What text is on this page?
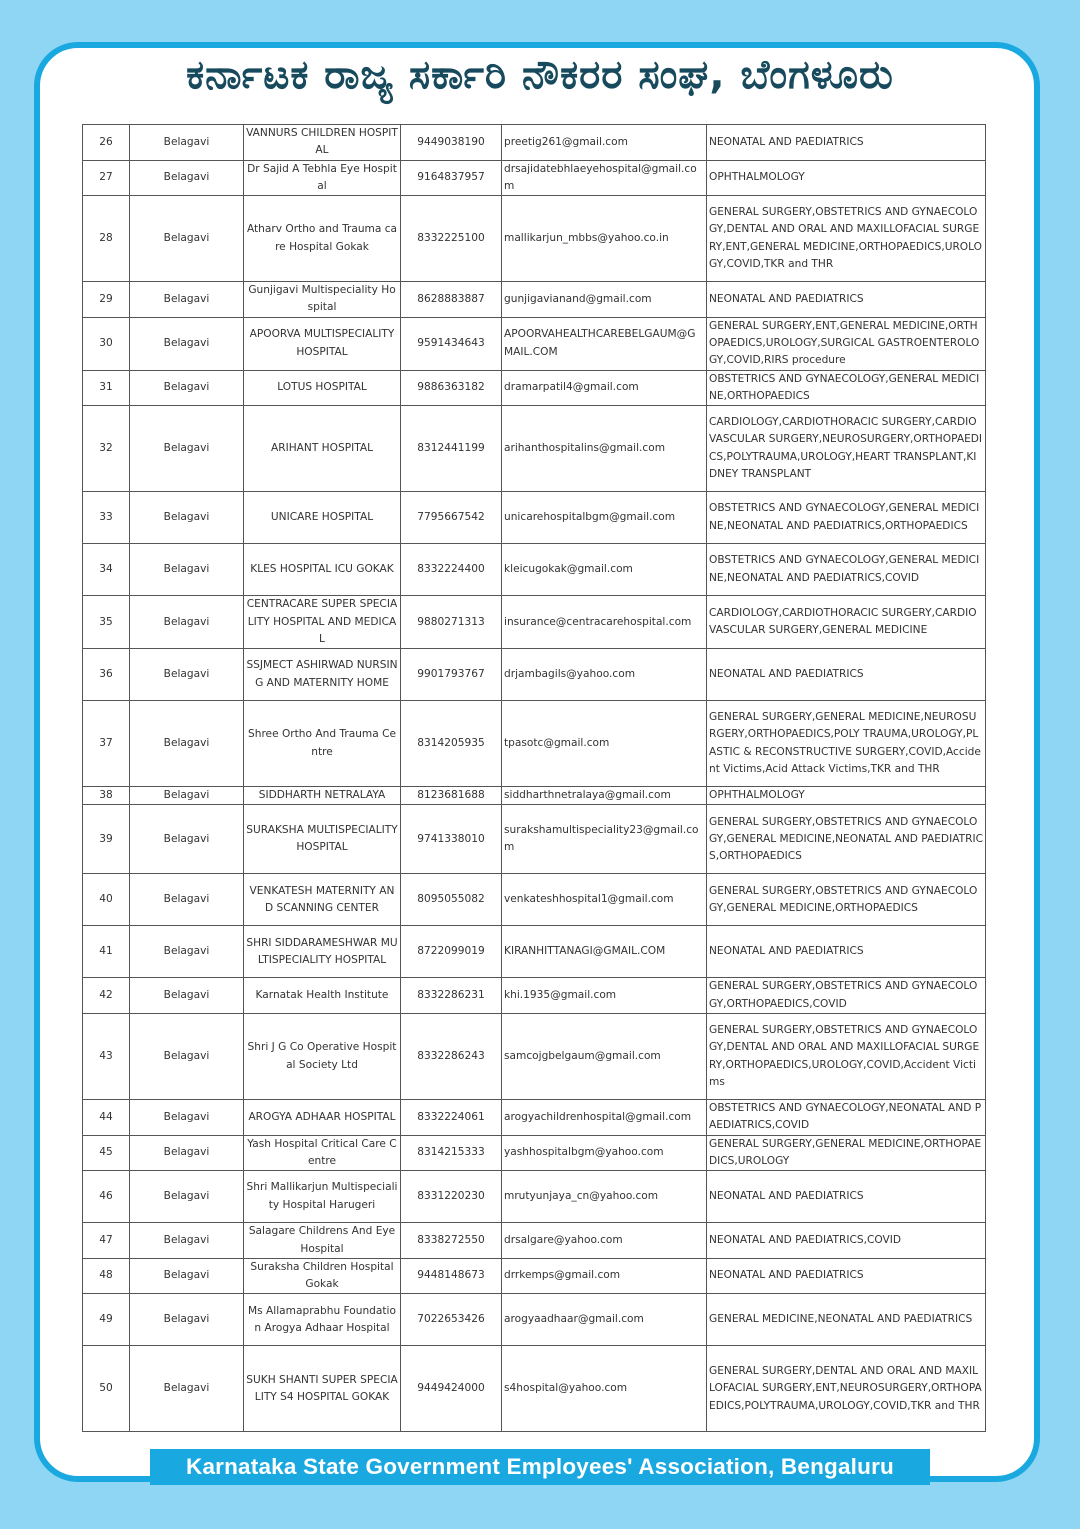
ಕರ್ನಾಟಕ ರಾಜ್ಯ ಸರ್ಕಾರಿ ನೌಕರರ ಸಂಘ, ಬೆಂಗಳೂರು
26	Belagavi	VANNURS CHILDREN HOSPITAL	9449038190	preetig261@gmail.com	NEONATAL AND PAEDIATRICS
27	Belagavi	Dr Sajid A Tebhla Eye Hospital	9164837957	drsajidatebhlaeyehospital@gmail.com	OPHTHALMOLOGY
28	Belagavi	Atharv Ortho and Trauma care Hospital Gokak	8332225100	mallikarjun_mbbs@yahoo.co.in	GENERAL SURGERY,OBSTETRICS AND GYNAECOLOGY,DENTAL AND ORAL AND MAXILLOFACIAL SURGERY,ENT,GENERAL MEDICINE,ORTHOPAEDICS,UROLOGY,COVID,TKR and THR
29	Belagavi	Gunjigavi Multispeciality Hospital	8628883887	gunjigavianand@gmail.com	NEONATAL AND PAEDIATRICS
30	Belagavi	APOORVA MULTISPECIALITY HOSPITAL	9591434643	APOORVAHEALTHCAREBELGAUM@GMAIL.COM	GENERAL SURGERY,ENT,GENERAL MEDICINE,ORTHOPAEDICS,UROLOGY,SURGICAL GASTROENTEROLOGY,COVID,RIRS procedure
31	Belagavi	LOTUS HOSPITAL	9886363182	dramarpatil4@gmail.com	OBSTETRICS AND GYNAECOLOGY,GENERAL MEDICINE,ORTHOPAEDICS
32	Belagavi	ARIHANT HOSPITAL	8312441199	arihanthospitalins@gmail.com	CARDIOLOGY,CARDIOTHORACIC SURGERY,CARDIOVASCULAR SURGERY,NEUROSURGERY,ORTHOPAEDICS,POLYTRAUMA,UROLOGY,HEART TRANSPLANT,KIDNEY TRANSPLANT
33	Belagavi	UNICARE HOSPITAL	7795667542	unicarehospitalbgm@gmail.com	OBSTETRICS AND GYNAECOLOGY,GENERAL MEDICINE,NEONATAL AND PAEDIATRICS,ORTHOPAEDICS
34	Belagavi	KLES HOSPITAL ICU GOKAK	8332224400	kleicugokak@gmail.com	OBSTETRICS AND GYNAECOLOGY,GENERAL MEDICINE,NEONATAL AND PAEDIATRICS,COVID
35	Belagavi	CENTRACARE SUPER SPECIALITY HOSPITAL AND MEDICAL	9880271313	insurance@centracarehospital.com	CARDIOLOGY,CARDIOTHORACIC SURGERY,CARDIOVASCULAR SURGERY,GENERAL MEDICINE
36	Belagavi	SSJMECT ASHIRWAD NURSING AND MATERNITY HOME	9901793767	drjambagils@yahoo.com	NEONATAL AND PAEDIATRICS
37	Belagavi	Shree Ortho And Trauma Centre	8314205935	tpasotc@gmail.com	GENERAL SURGERY,GENERAL MEDICINE,NEUROSURGERY,ORTHOPAEDICS,POLY TRAUMA,UROLOGY,PLASTIC & RECONSTRUCTIVE SURGERY,COVID,Accident Victims,Acid Attack Victims,TKR and THR
38	Belagavi	SIDDHARTH NETRALAYA	8123681688	siddharthnetralaya@gmail.com	OPHTHALMOLOGY
39	Belagavi	SURAKSHA MULTISPECIALITY HOSPITAL	9741338010	surakshamultispeciality23@gmail.com	GENERAL SURGERY,OBSTETRICS AND GYNAECOLOGY,GENERAL MEDICINE,NEONATAL AND PAEDIATRICS,ORTHOPAEDICS
40	Belagavi	VENKATESH MATERNITY AND SCANNING CENTER	8095055082	venkateshhospital1@gmail.com	GENERAL SURGERY,OBSTETRICS AND GYNAECOLOGY,GENERAL MEDICINE,ORTHOPAEDICS
41	Belagavi	SHRI SIDDARAMESHWAR MULTISPECIALITY HOSPITAL	8722099019	KIRANHITTANAGI@GMAIL.COM	NEONATAL AND PAEDIATRICS
42	Belagavi	Karnatak Health Institute	8332286231	khi.1935@gmail.com	GENERAL SURGERY,OBSTETRICS AND GYNAECOLOGY,ORTHOPAEDICS,COVID
43	Belagavi	Shri J G Co Operative Hospital Society Ltd	8332286243	samcojgbelgaum@gmail.com	GENERAL SURGERY,OBSTETRICS AND GYNAECOLOGY,DENTAL AND ORAL AND MAXILLOFACIAL SURGERY,ORTHOPAEDICS,UROLOGY,COVID,Accident Victims
44	Belagavi	AROGYA ADHAAR HOSPITAL	8332224061	arogyachildrenhospital@gmail.com	OBSTETRICS AND GYNAECOLOGY,NEONATAL AND PAEDIATRICS,COVID
45	Belagavi	Yash Hospital Critical Care Centre	8314215333	yashhospitalbgm@yahoo.com	GENERAL SURGERY,GENERAL MEDICINE,ORTHOPAEDICS,UROLOGY
46	Belagavi	Shri Mallikarjun Multispeciality Hospital Harugeri	8331220230	mrutyunjaya_cn@yahoo.com	NEONATAL AND PAEDIATRICS
47	Belagavi	Salagare Childrens And Eye Hospital	8338272550	drsalgare@yahoo.com	NEONATAL AND PAEDIATRICS,COVID
48	Belagavi	Suraksha Children Hospital Gokak	9448148673	drrkemps@gmail.com	NEONATAL AND PAEDIATRICS
49	Belagavi	Ms Allamaprabhu Foundation Arogya Adhaar Hospital	7022653426	arogyaadhaar@gmail.com	GENERAL MEDICINE,NEONATAL AND PAEDIATRICS
50	Belagavi	SUKH SHANTI SUPER SPECIALITY S4 HOSPITAL GOKAK	9449424000	s4hospital@yahoo.com	GENERAL SURGERY,DENTAL AND ORAL AND MAXILLOFACIAL SURGERY,ENT,NEUROSURGERY,ORTHOPAEDICS,POLYTRAUMA,UROLOGY,COVID,TKR and THR
Karnataka State Government Employees' Association, Bengaluru
